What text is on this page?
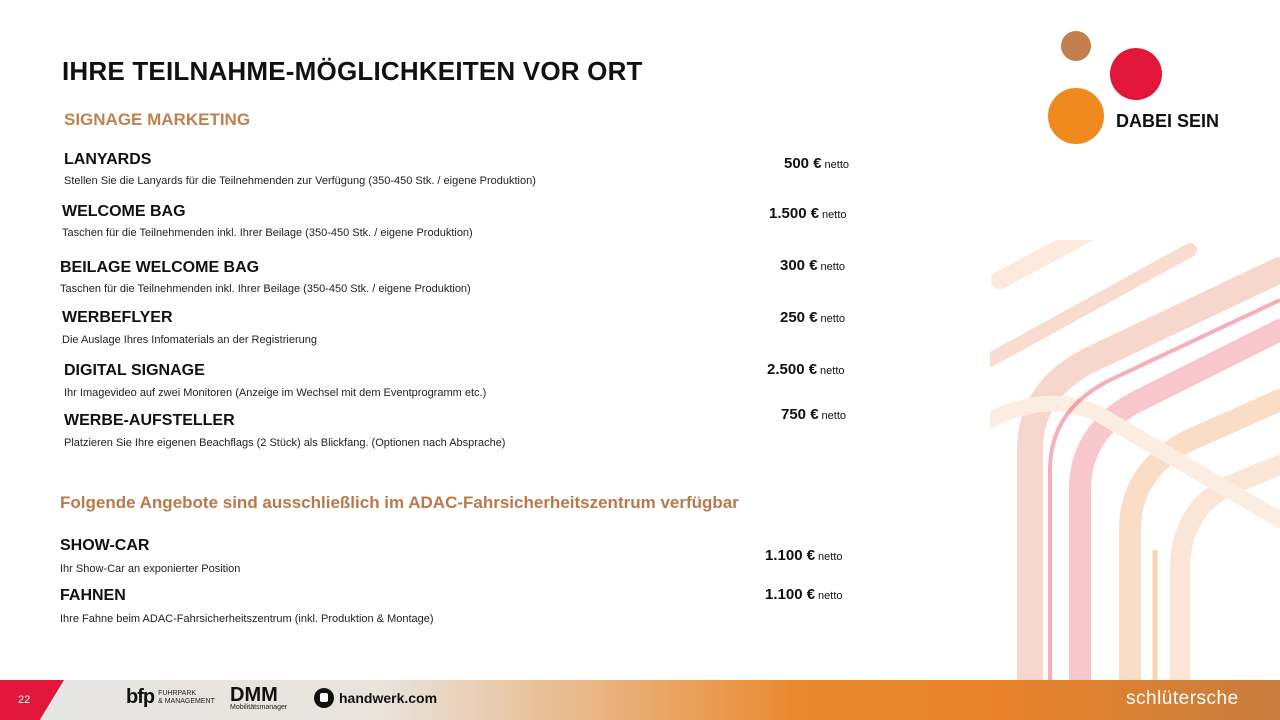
IHRE TEILNAHME-MÖGLICHKEITEN VOR ORT
SIGNAGE MARKETING	DABEI SEIN
LANYARDS
Stellen Sie die Lanyards für die Teilnehmenden zur Verfügung (350-450 Stk. / eigene Produktion)
500 € netto
WELCOME BAG
Taschen für die Teilnehmenden inkl. Ihrer Beilage (350-450 Stk. / eigene Produktion)
1.500 € netto
BEILAGE WELCOME BAG
Taschen für die Teilnehmenden inkl. Ihrer Beilage (350-450 Stk. / eigene Produktion)
300 € netto
WERBEFLYER
Die Auslage Ihres Infomaterials an der Registrierung
250 € netto
DIGITAL SIGNAGE
Ihr Imagevideo auf zwei Monitoren (Anzeige im Wechsel mit dem Eventprogramm etc.)
2.500 € netto
WERBE-AUFSTELLER
Platzieren Sie Ihre eigenen Beachflags (2 Stück) als Blickfang. (Optionen nach Absprache)
750 € netto
Folgende Angebote sind ausschließlich im ADAC-Fahrsicherheitszentrum verfügbar
SHOW-CAR
Ihr Show-Car an exponierter Position
1.100 € netto
FAHNEN
Ihre Fahne beim ADAC-Fahrsicherheitszentrum (inkl. Produktion & Montage)
1.100 € netto
22	bfp FUHRPARK
& MANAGEMENT DMM
Mobilitätsmanager
handwerk.com	schlütersche
